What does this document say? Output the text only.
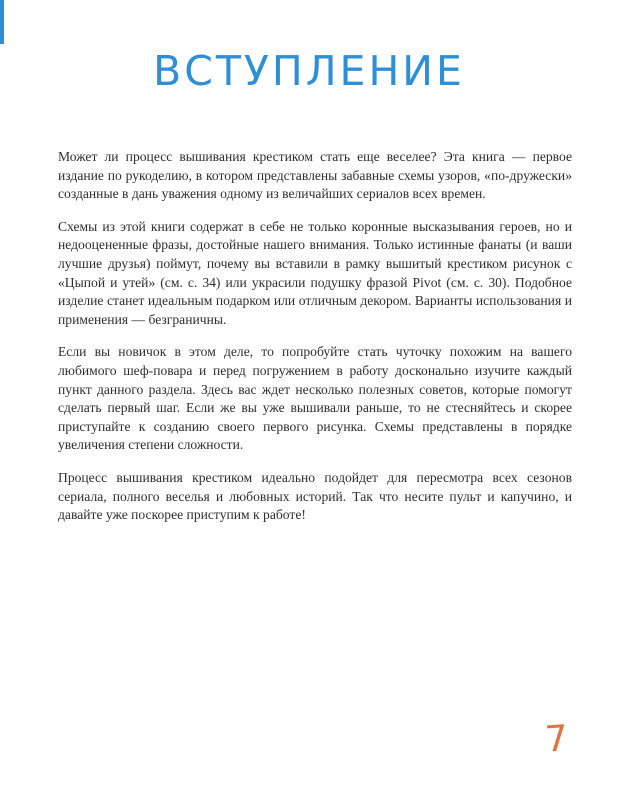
ВСТУПЛЕНИЕ

Может ли процесс вышивания крестиком стать еще веселее? Эта книга — первое издание по рукоделию, в котором представлены забавные схемы узоров, «по-дружески» созданные в дань уважения одному из величайших сериалов всех времен.

Схемы из этой книги содержат в себе не только коронные высказывания героев, но и недооцененные фразы, достойные нашего внимания. Только истинные фанаты (и ваши лучшие друзья) поймут, почему вы вставили в рамку вышитый крестиком рисунок с «Цыпой и утей» (см. с. 34) или украсили подушку фразой Pivot (см. с. 30). Подобное изделие станет идеальным подарком или отличным декором. Варианты использования и применения — безграничны.

Если вы новичок в этом деле, то попробуйте стать чуточку похожим на вашего любимого шеф-повара и перед погружением в работу досконально изучите каждый пункт данного раздела. Здесь вас ждет несколько полезных советов, которые помогут сделать первый шаг. Если же вы уже вышивали раньше, то не стесняйтесь и скорее приступайте к созданию своего первого рисунка. Схемы представлены в порядке увеличения степени сложности.

Процесс вышивания крестиком идеально подойдет для пересмотра всех сезонов сериала, полного веселья и любовных историй. Так что несите пульт и капучино, и давайте уже поскорее приступим к работе!

7
